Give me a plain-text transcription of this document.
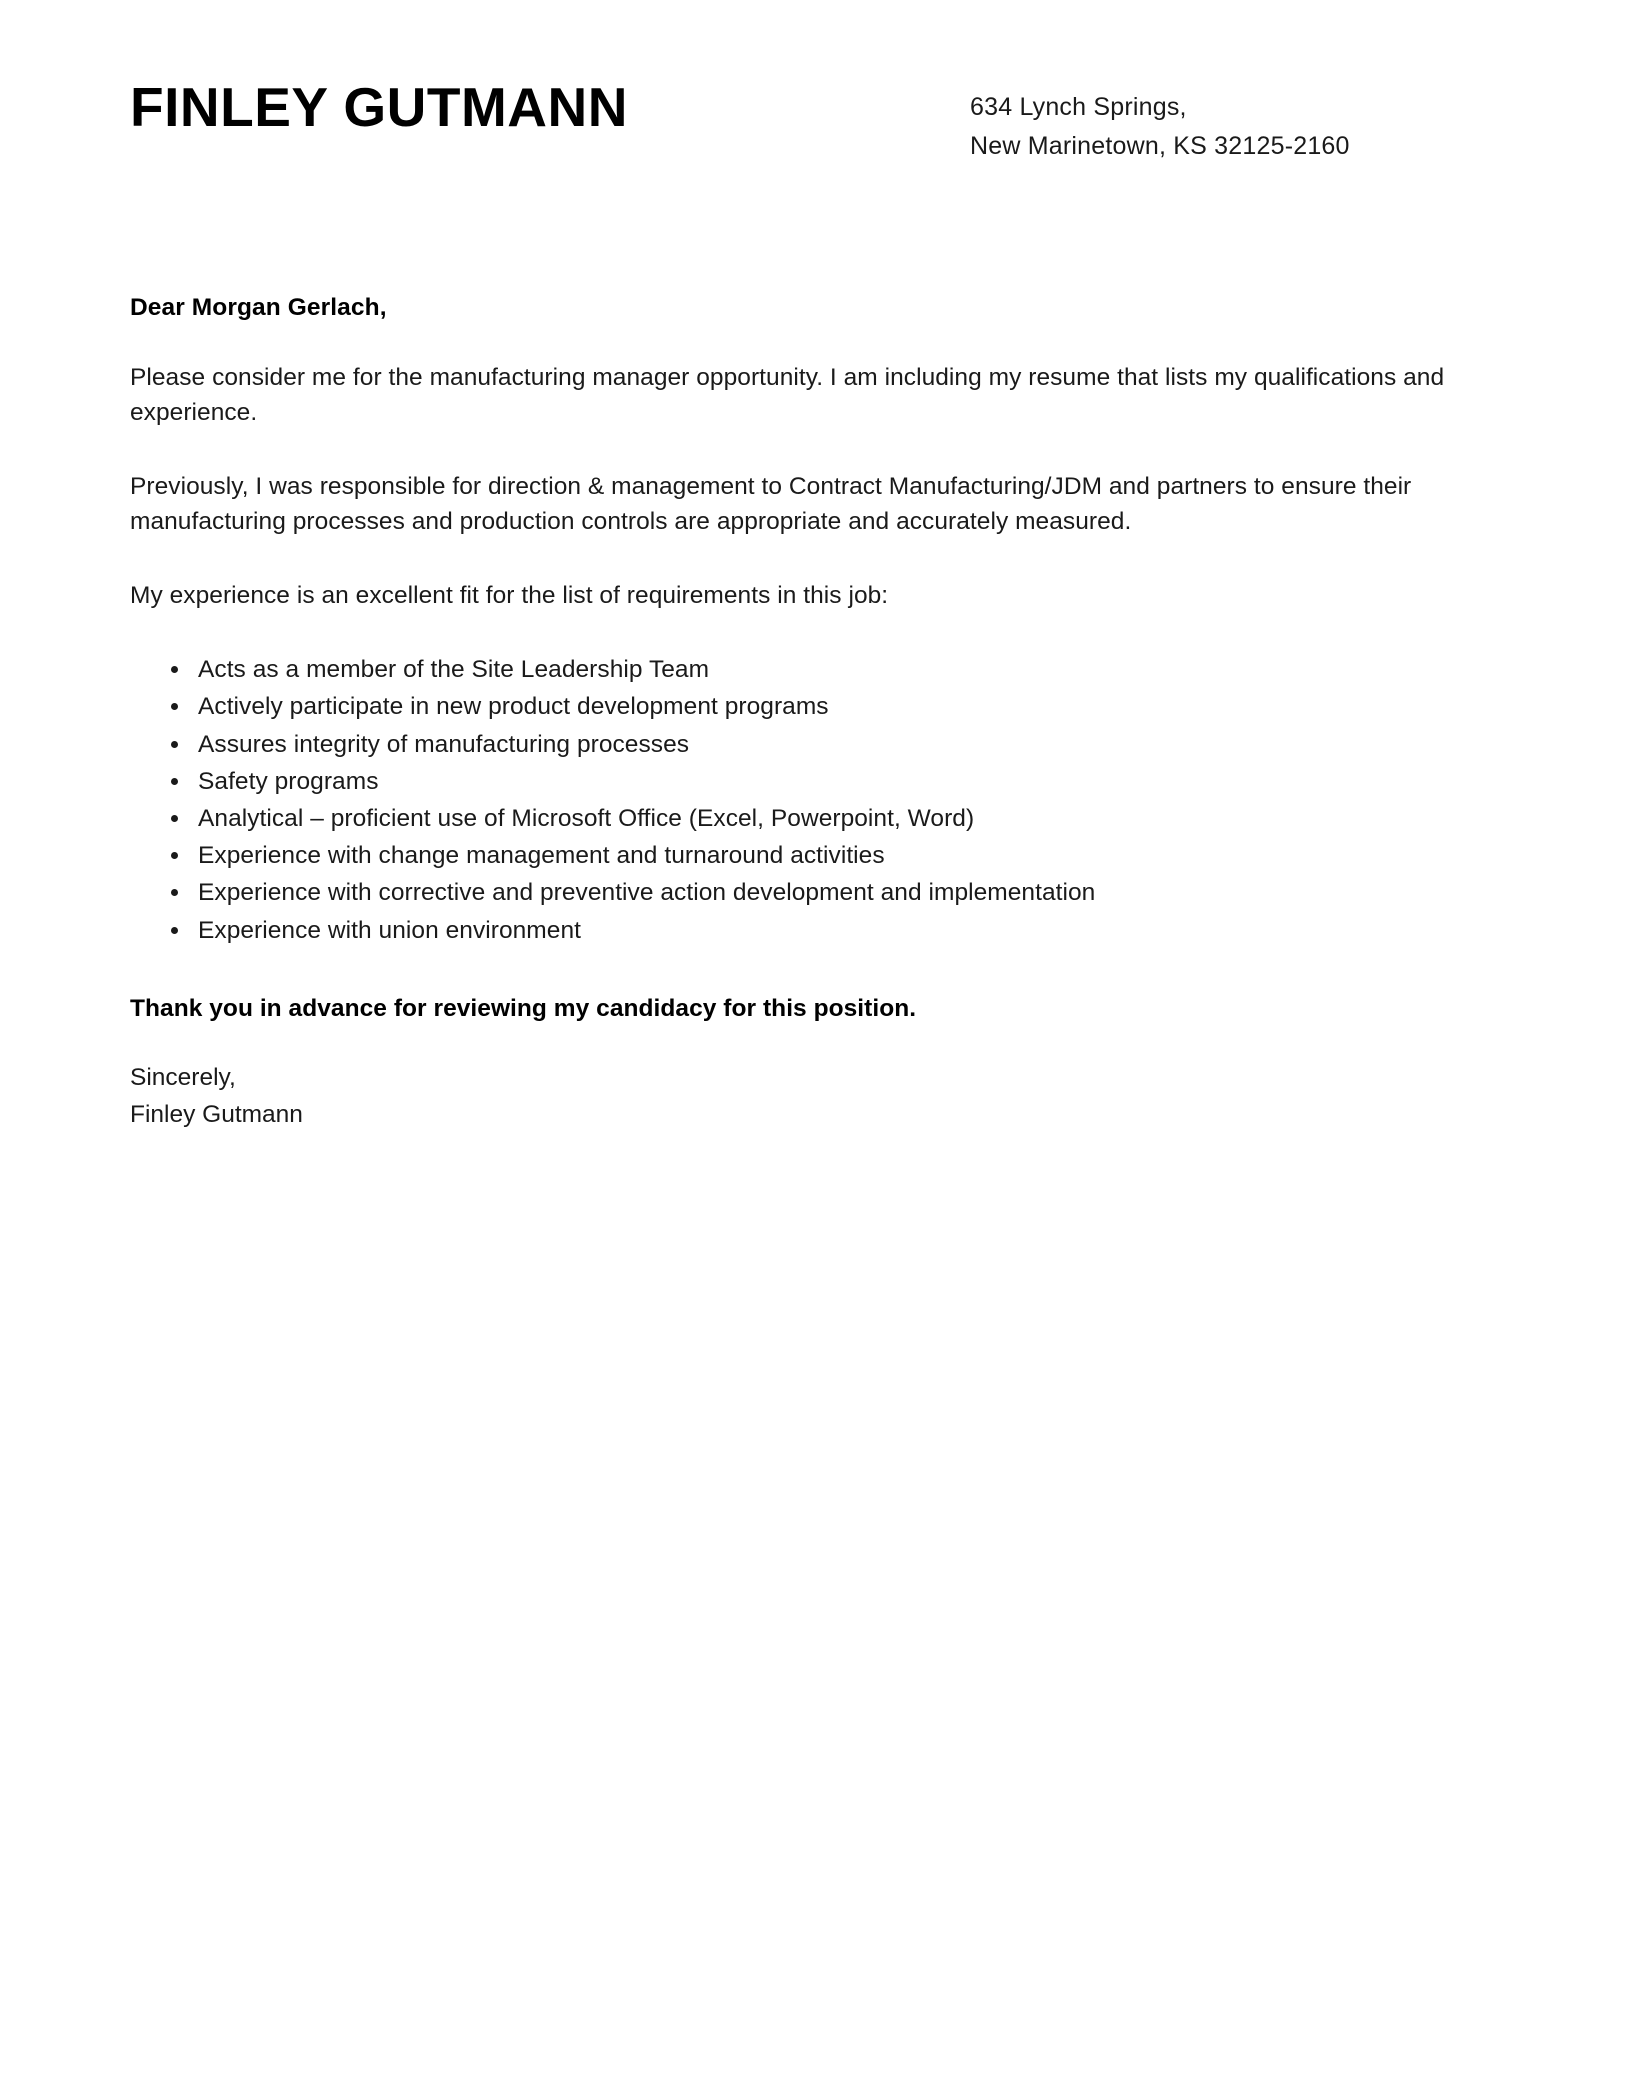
FINLEY GUTMANN	634 Lynch Springs,
New Marinetown, KS 32125-2160
Dear Morgan Gerlach,

Please consider me for the manufacturing manager opportunity. I am including my resume that lists my qualifications and experience.

Previously, I was responsible for direction & management to Contract Manufacturing/JDM and partners to ensure their manufacturing processes and production controls are appropriate and accurately measured.

My experience is an excellent fit for the list of requirements in this job:

• Acts as a member of the Site Leadership Team
• Actively participate in new product development programs
• Assures integrity of manufacturing processes
• Safety programs
• Analytical – proficient use of Microsoft Office (Excel, Powerpoint, Word)
• Experience with change management and turnaround activities
• Experience with corrective and preventive action development and implementation
• Experience with union environment
Thank you in advance for reviewing my candidacy for this position.
Sincerely,
Finley Gutmann
